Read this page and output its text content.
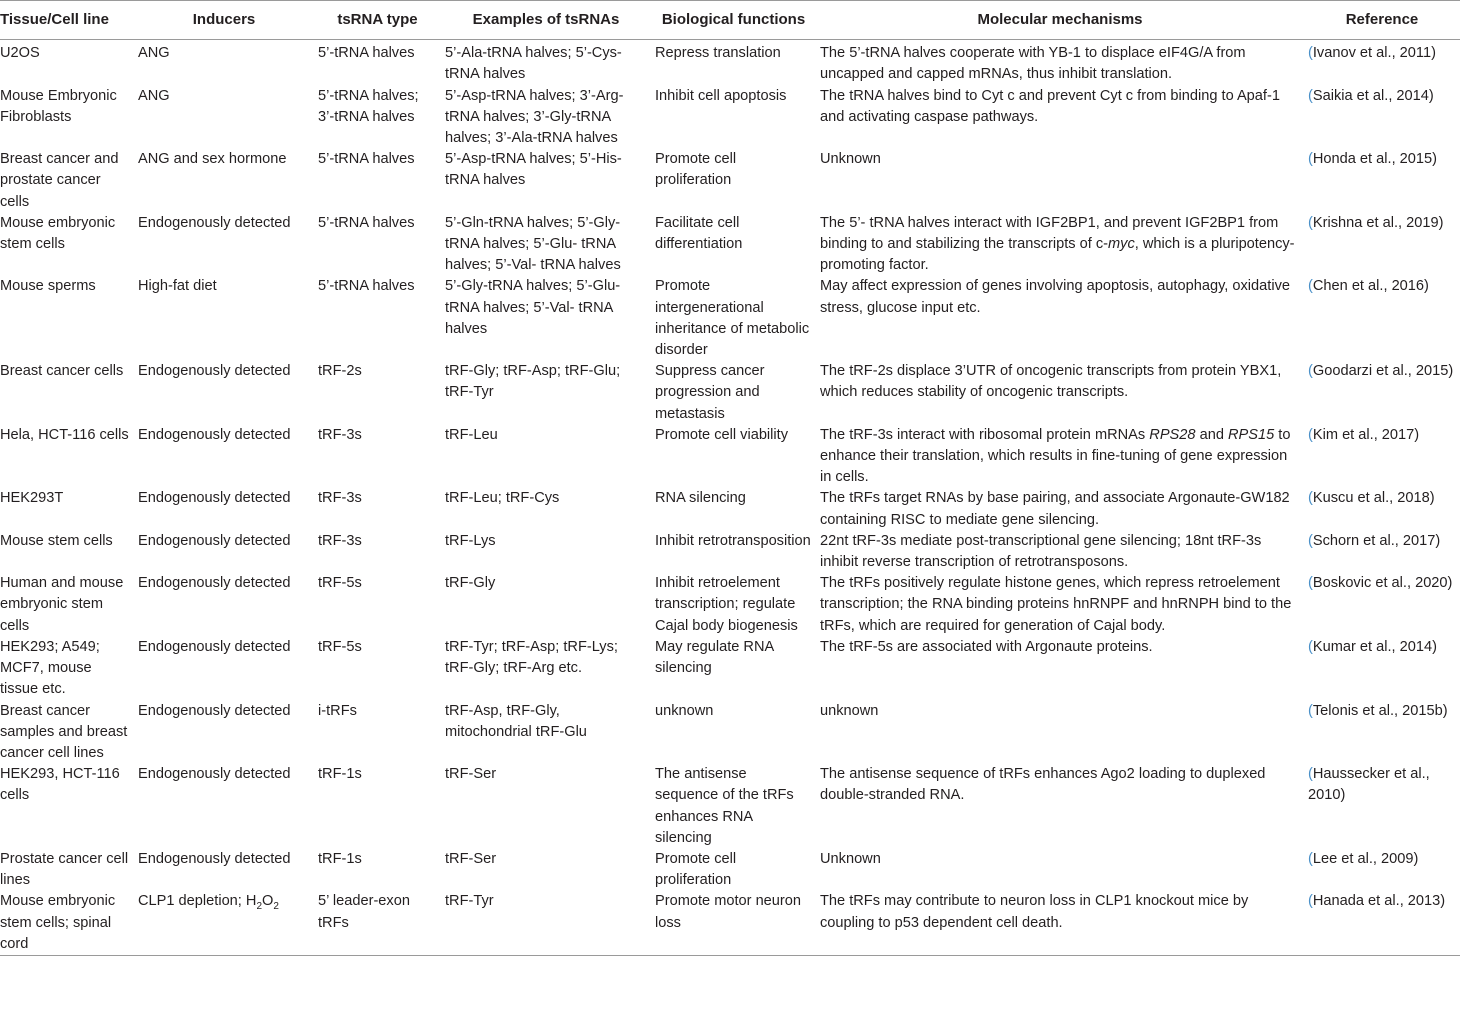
Tissue/Cell line	Inducers	tsRNA type	Examples of tsRNAs	Biological functions	Molecular mechanisms	Reference
U2OS	ANG	5’-tRNA halves	5’-Ala-tRNA halves; 5’-Cys-tRNA halves	Repress translation	The 5’-tRNA halves cooperate with YB-1 to displace eIF4G/A from uncapped and capped mRNAs, thus inhibit translation.	(Ivanov et al., 2011)
Mouse Embryonic Fibroblasts	ANG	5’-tRNA halves; 3’-tRNA halves	5’-Asp-tRNA halves; 3’-Arg-tRNA halves; 3’-Gly-tRNA halves; 3’-Ala-tRNA halves	Inhibit cell apoptosis	The tRNA halves bind to Cyt c and prevent Cyt c from binding to Apaf-1 and activating caspase pathways.	(Saikia et al., 2014)
Breast cancer and prostate cancer cells	ANG and sex hormone	5’-tRNA halves	5’-Asp-tRNA halves; 5’-His-tRNA halves	Promote cell proliferation	Unknown	(Honda et al., 2015)
Mouse embryonic stem cells	Endogenously detected	5’-tRNA halves	5’-Gln-tRNA halves; 5’-Gly-tRNA halves; 5’-Glu- tRNA halves; 5’-Val- tRNA halves	Facilitate cell differentiation	The 5’- tRNA halves interact with IGF2BP1, and prevent IGF2BP1 from binding to and stabilizing the transcripts of c-myc, which is a pluripotency-promoting factor.	(Krishna et al., 2019)
Mouse sperms	High-fat diet	5’-tRNA halves	5’-Gly-tRNA halves; 5’-Glu-tRNA halves; 5’-Val- tRNA halves	Promote intergenerational inheritance of metabolic disorder	May affect expression of genes involving apoptosis, autophagy, oxidative stress, glucose input etc.	(Chen et al., 2016)
Breast cancer cells	Endogenously detected	tRF-2s	tRF-Gly; tRF-Asp; tRF-Glu; tRF-Tyr	Suppress cancer progression and metastasis	The tRF-2s displace 3’UTR of oncogenic transcripts from protein YBX1, which reduces stability of oncogenic transcripts.	(Goodarzi et al., 2015)
Hela, HCT-116 cells	Endogenously detected	tRF-3s	tRF-Leu	Promote cell viability	The tRF-3s interact with ribosomal protein mRNAs RPS28 and RPS15 to enhance their translation, which results in fine-tuning of gene expression in cells.	(Kim et al., 2017)
HEK293T	Endogenously detected	tRF-3s	tRF-Leu; tRF-Cys	RNA silencing	The tRFs target RNAs by base pairing, and associate Argonaute-GW182 containing RISC to mediate gene silencing.	(Kuscu et al., 2018)
Mouse stem cells	Endogenously detected	tRF-3s	tRF-Lys	Inhibit retrotransposition	22nt tRF-3s mediate post-transcriptional gene silencing; 18nt tRF-3s inhibit reverse transcription of retrotransposons.	(Schorn et al., 2017)
Human and mouse embryonic stem cells	Endogenously detected	tRF-5s	tRF-Gly	Inhibit retroelement transcription; regulate Cajal body biogenesis	The tRFs positively regulate histone genes, which repress retroelement transcription; the RNA binding proteins hnRNPF and hnRNPH bind to the tRFs, which are required for generation of Cajal body.	(Boskovic et al., 2020)
HEK293; A549; MCF7, mouse tissue etc.	Endogenously detected	tRF-5s	tRF-Tyr; tRF-Asp; tRF-Lys; tRF-Gly; tRF-Arg etc.	May regulate RNA silencing	The tRF-5s are associated with Argonaute proteins.	(Kumar et al., 2014)
Breast cancer samples and breast cancer cell lines	Endogenously detected	i-tRFs	tRF-Asp, tRF-Gly, mitochondrial tRF-Glu	unknown	unknown	(Telonis et al., 2015b)
HEK293, HCT-116 cells	Endogenously detected	tRF-1s	tRF-Ser	The antisense sequence of the tRFs enhances RNA silencing	The antisense sequence of tRFs enhances Ago2 loading to duplexed double-stranded RNA.	(Haussecker et al., 2010)
Prostate cancer cell lines	Endogenously detected	tRF-1s	tRF-Ser	Promote cell proliferation	Unknown	(Lee et al., 2009)
Mouse embryonic stem cells; spinal cord	CLP1 depletion; $H_2O_2$	5’ leader-exon tRFs	tRF-Tyr	Promote motor neuron loss	The tRFs may contribute to neuron loss in CLP1 knockout mice by coupling to p53 dependent cell death.	(Hanada et al., 2013)
